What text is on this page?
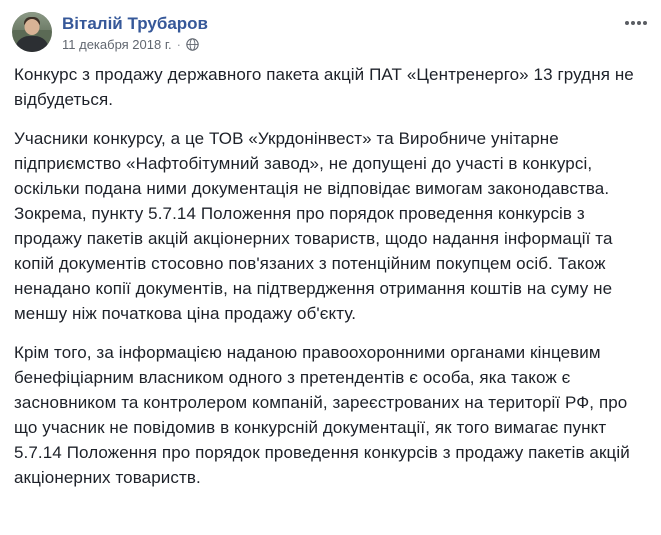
Віталій Трубаров
11 декабря 2018 г. ·

Конкурс з продажу державного пакета акцій ПАТ «Центренерго» 13 грудня не відбудеться.

Учасники конкурсу, а це ТОВ «Укрдонінвест» та Виробниче унітарне підприємство «Нафтобітумний завод», не допущені до участі в конкурсі, оскільки подана ними документація не відповідає вимогам законодавства. Зокрема, пункту 5.7.14 Положення про порядок проведення конкурсів з продажу пакетів акцій акціонерних товариств, щодо надання інформації та копій документів стосовно пов'язаних з потенційним покупцем осіб. Також ненадано копії документів, на підтвердження отримання коштів на суму не меншу ніж початкова ціна продажу об'єкту.

Крім того, за інформацією наданою правоохоронними органами кінцевим бенефіціарним власником одного з претендентів є особа, яка також є засновником та контролером компаній, зареєстрованих на території РФ, про що учасник не повідомив в конкурсній документації, як того вимагає пункт 5.7.14 Положення про порядок проведення конкурсів з продажу пакетів акцій акціонерних товариств.
